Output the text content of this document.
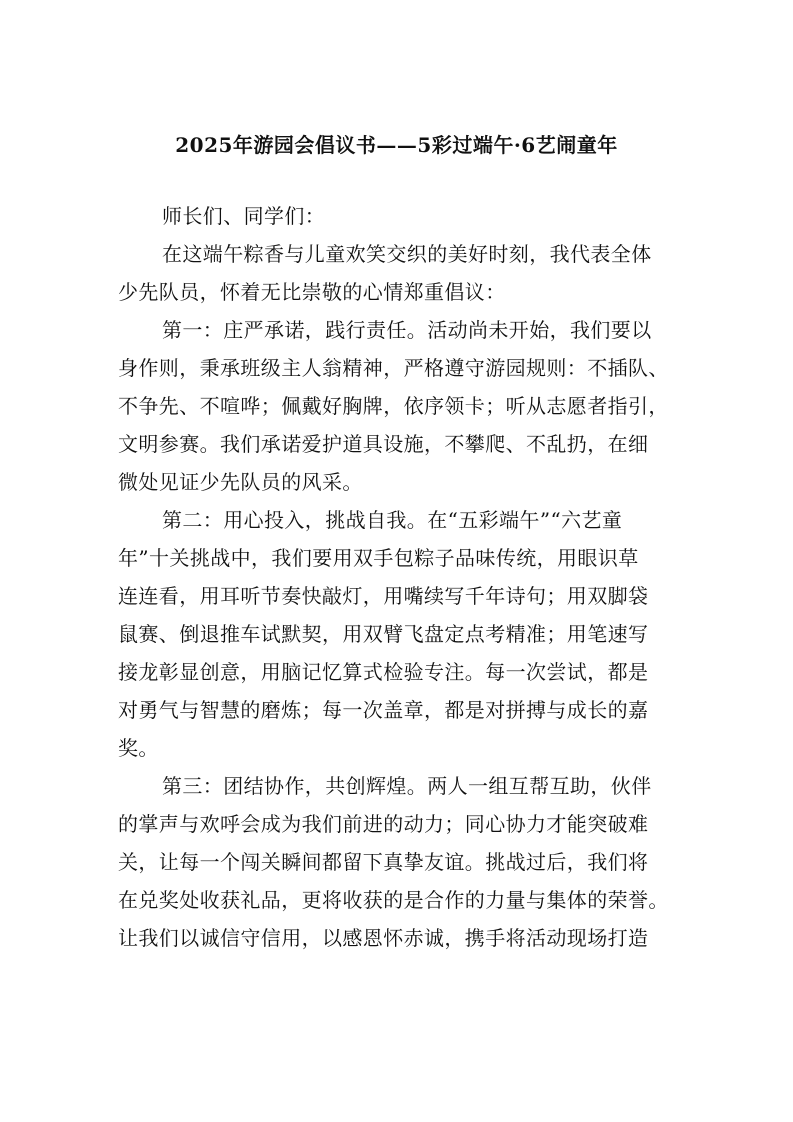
2025年游园会倡议书——5彩过端午·6艺闹童年
师长们、同学们：
在这端午粽香与儿童欢笑交织的美好时刻，我代表全体
少先队员，怀着无比崇敬的心情郑重倡议：
第一：庄严承诺，践行责任。活动尚未开始，我们要以
身作则，秉承班级主人翁精神，严格遵守游园规则：不插队、
不争先、不喧哗；佩戴好胸牌，依序领卡；听从志愿者指引，
文明参赛。我们承诺爱护道具设施，不攀爬、不乱扔，在细
微处见证少先队员的风采。
第二：用心投入，挑战自我。在“五彩端午”“六艺童
年”十关挑战中，我们要用双手包粽子品味传统，用眼识草
连连看，用耳听节奏快敲灯，用嘴续写千年诗句；用双脚袋
鼠赛、倒退推车试默契，用双臂飞盘定点考精准；用笔速写
接龙彰显创意，用脑记忆算式检验专注。每一次尝试，都是
对勇气与智慧的磨炼；每一次盖章，都是对拼搏与成长的嘉
奖。
第三：团结协作，共创辉煌。两人一组互帮互助，伙伴
的掌声与欢呼会成为我们前进的动力；同心协力才能突破难
关，让每一个闯关瞬间都留下真挚友谊。挑战过后，我们将
在兑奖处收获礼品，更将收获的是合作的力量与集体的荣誉。
让我们以诚信守信用，以感恩怀赤诚，携手将活动现场打造
